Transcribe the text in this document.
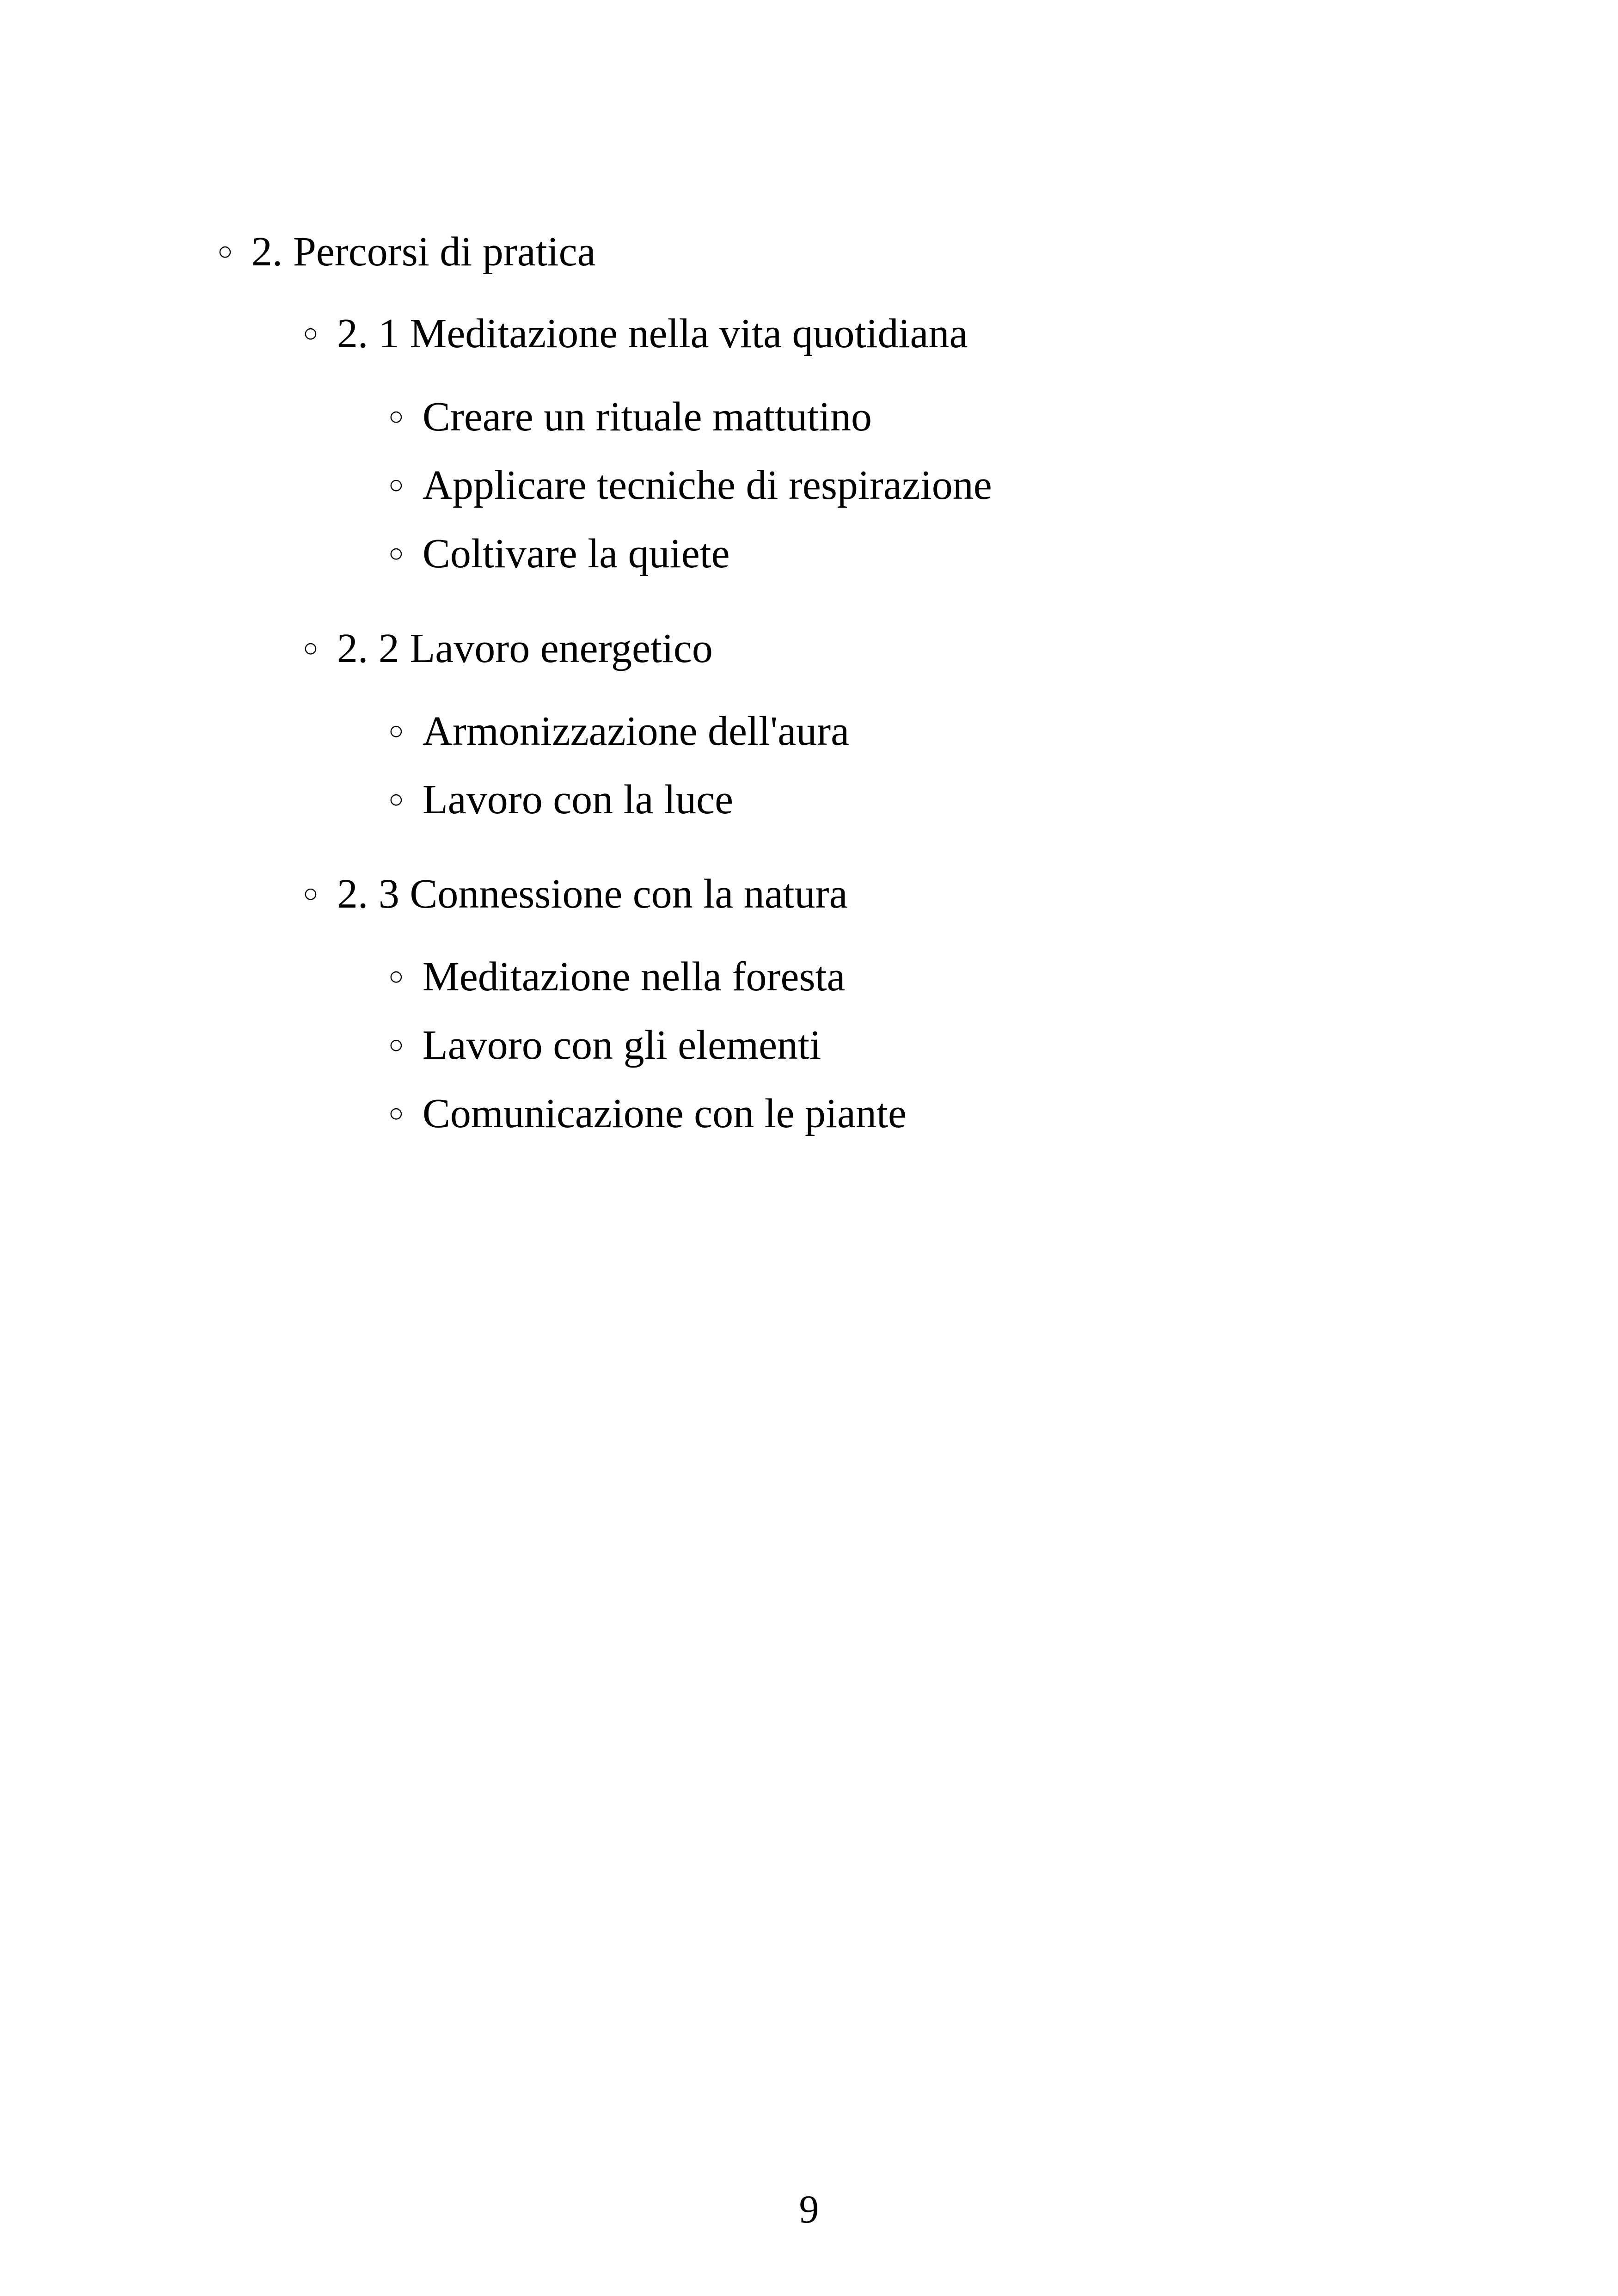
○ 2. Percorsi di pratica
○ 2. 1 Meditazione nella vita quotidiana
○ Creare un rituale mattutino
○ Applicare tecniche di respirazione
○ Coltivare la quiete
○ 2. 2 Lavoro energetico
○ Armonizzazione dell'aura
○ Lavoro con la luce
○ 2. 3 Connessione con la natura
○ Meditazione nella foresta
○ Lavoro con gli elementi
○ Comunicazione con le piante
9
